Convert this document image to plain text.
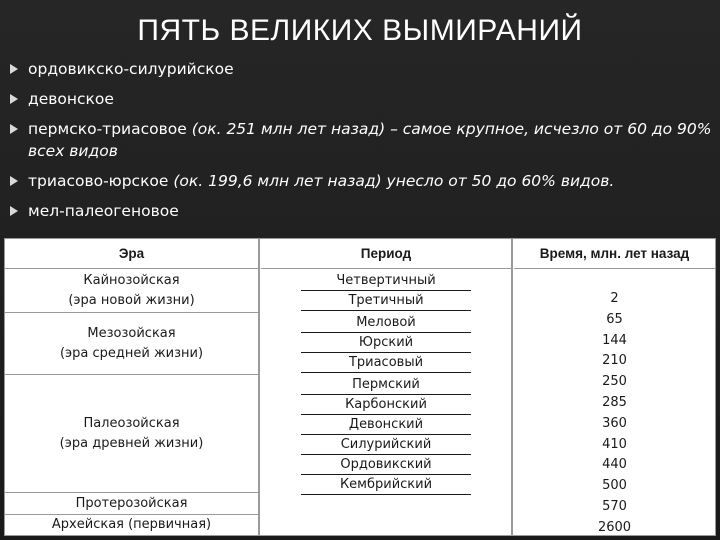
ПЯТЬ ВЕЛИКИХ ВЫМИРАНИЙ
ордовикско-силурийское
девонское
пермско-триасовое (ок. 251 млн лет назад) – самое крупное, исчезло от 60 до 90% всех видов
триасово-юрское (ок. 199,6 млн лет назад) унесло от 50 до 60% видов.
мел-палеогеновое
Эра
Кайнозойская
(эра новой жизни)
Мезозойская
(эра средней жизни)
Палеозойская
(эра древней жизни)
Протерозойская
Архейская (первичная)
Период
Четвертичный
Третичный
Меловой
Юрский
Триасовый
Пермский
Карбонский
Девонский
Силурийский
Ордовикский
Кембрийский
Время, млн. лет назад
2
65
144
210
250
285
360
410
440
500
570
2600
